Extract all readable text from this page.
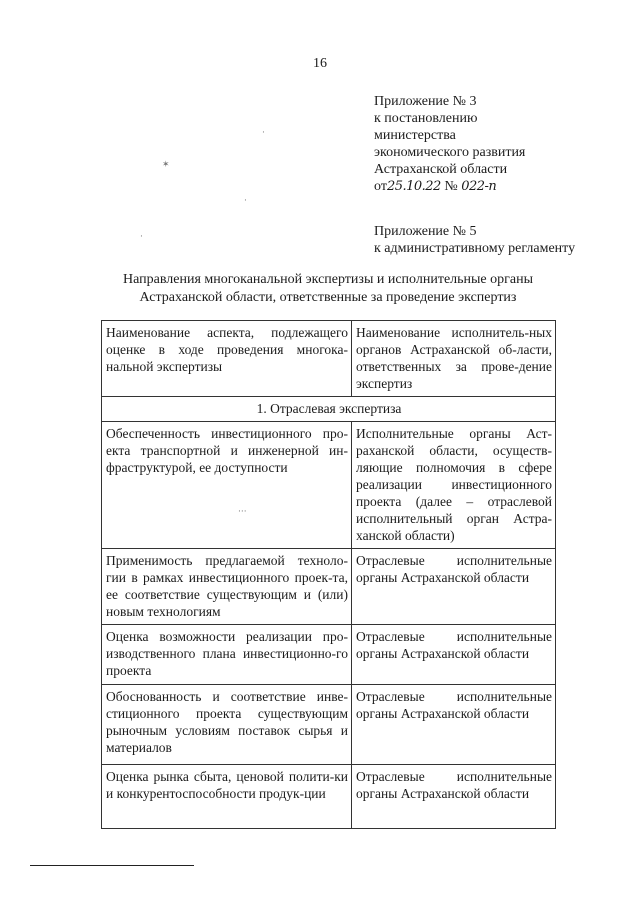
16
Приложение № 3
к постановлению
министерства
экономического развития
Астраханской области
от25.10.22 № 022-п
Приложение № 5
к административному регламенту
Направления многоканальной экспертизы и исполнительные органы
Астраханской области, ответственные за проведение экспертиз
Наименование аспекта, подлежащего оценке в ходе проведения многока-нальной экспертизы	Наименование исполнитель-ных органов Астраханской об-ласти, ответственных за прове-дение экспертиз
1. Отраслевая экспертиза	
Обеспеченность инвестиционного про-екта транспортной и инженерной ин-фраструктурой, ее доступности	Исполнительные органы Аст-раханской области, осуществ-ляющие полномочия в сфере реализации инвестиционного проекта (далее – отраслевой исполнительный орган Астра-ханской области)
Применимость предлагаемой техноло-гии в рамках инвестиционного проек-та, ее соответствие существующим и (или) новым технологиям	Отраслевые исполнительные органы Астраханской области
Оценка возможности реализации про-изводственного плана инвестиционно-го проекта	Отраслевые исполнительные органы Астраханской области
Обоснованность и соответствие инве-стиционного проекта существующим рыночным условиям поставок сырья и материалов	Отраслевые исполнительные органы Астраханской области
Оценка рынка сбыта, ценовой полити-ки и конкурентоспособности продук-ции	Отраслевые исполнительные органы Астраханской области
✶
·
·
·
···
